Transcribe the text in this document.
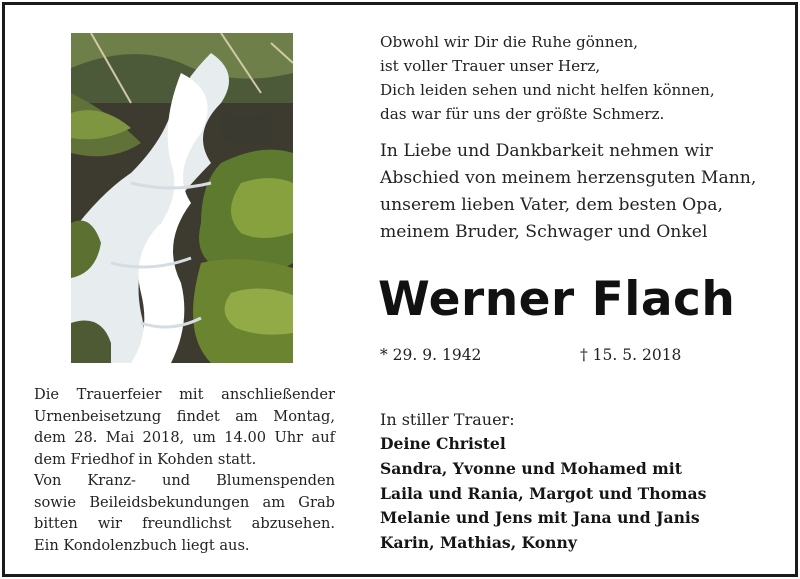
Die Trauerfeier mit anschließender

Urnenbeisetzung findet am Montag,

dem 28. Mai 2018, um 14.00 Uhr auf

dem Friedhof in Kohden statt.

Von Kranz- und Blumenspenden

sowie Beileidsbekundungen am Grab

bitten wir freundlichst abzusehen.

Ein Kondolenzbuch liegt aus.

Obwohl wir Dir die Ruhe gönnen,
ist voller Trauer unser Herz,
Dich leiden sehen und nicht helfen können,
das war für uns der größte Schmerz.
In Liebe und Dankbarkeit nehmen wir
Abschied von meinem herzensguten Mann,
unserem lieben Vater, dem besten Opa,
meinem Bruder, Schwager und Onkel
Werner Flach
* 29. 9. 1942	† 15. 5. 2018
In stiller Trauer:
Deine Christel
Sandra, Yvonne und Mohamed mit
Laila und Rania, Margot und Thomas
Melanie und Jens mit Jana und Janis
Karin, Mathias, Konny
